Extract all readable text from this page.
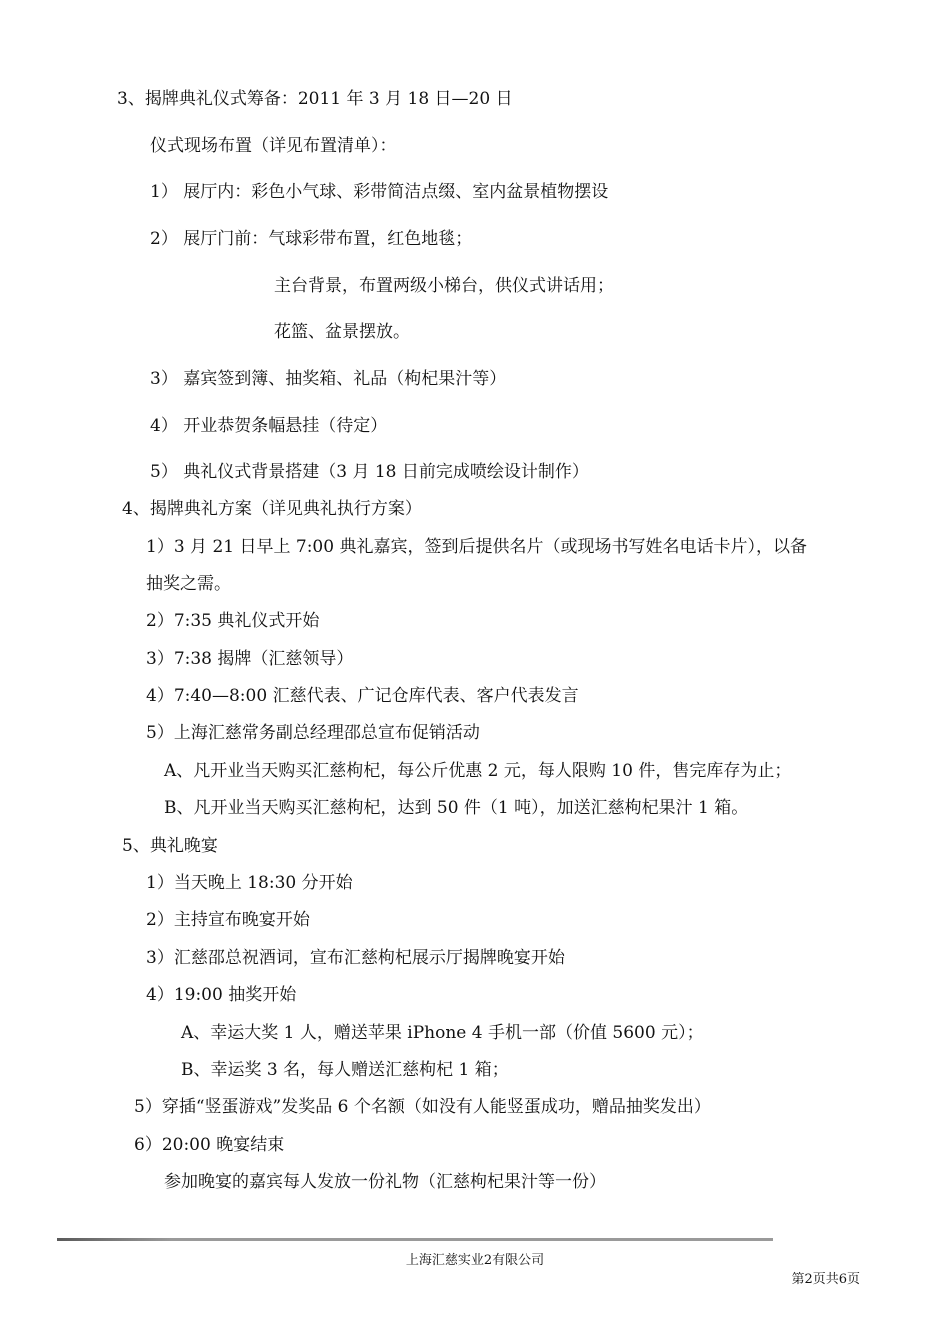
3、揭牌典礼仪式筹备：2011 年 3 月 18 日—20 日
仪式现场布置（详见布置清单）：
1） 展厅内：彩色小气球、彩带简洁点缀、室内盆景植物摆设
2） 展厅门前：气球彩带布置，红色地毯；
主台背景，布置两级小梯台，供仪式讲话用；
花篮、盆景摆放。
3） 嘉宾签到簿、抽奖箱、礼品（枸杞果汁等）
4） 开业恭贺条幅悬挂（待定）
5） 典礼仪式背景搭建（3 月 18 日前完成喷绘设计制作）
4、揭牌典礼方案（详见典礼执行方案）
1）3 月 21 日早上 7:00 典礼嘉宾，签到后提供名片（或现场书写姓名电话卡片），以备
抽奖之需。
2）7:35 典礼仪式开始
3）7:38 揭牌（汇慈领导）
4）7:40—8:00 汇慈代表、广记仓库代表、客户代表发言
5）上海汇慈常务副总经理邵总宣布促销活动
A、凡开业当天购买汇慈枸杞，每公斤优惠 2 元，每人限购 10 件，售完库存为止；
B、凡开业当天购买汇慈枸杞，达到 50 件（1 吨），加送汇慈枸杞果汁 1 箱。
5、典礼晚宴
1）当天晚上 18:30 分开始
2）主持宣布晚宴开始
3）汇慈邵总祝酒词，宣布汇慈枸杞展示厅揭牌晚宴开始
4）19:00 抽奖开始
A、幸运大奖 1 人，赠送苹果 iPhone 4 手机一部（价值 5600 元）；
B、幸运奖 3 名，每人赠送汇慈枸杞 1 箱；
5）穿插“竖蛋游戏”发奖品 6 个名额（如没有人能竖蛋成功，赠品抽奖发出）
6）20:00 晚宴结束
参加晚宴的嘉宾每人发放一份礼物（汇慈枸杞果汁等一份）
上海汇慈实业2有限公司
第2页共6页
